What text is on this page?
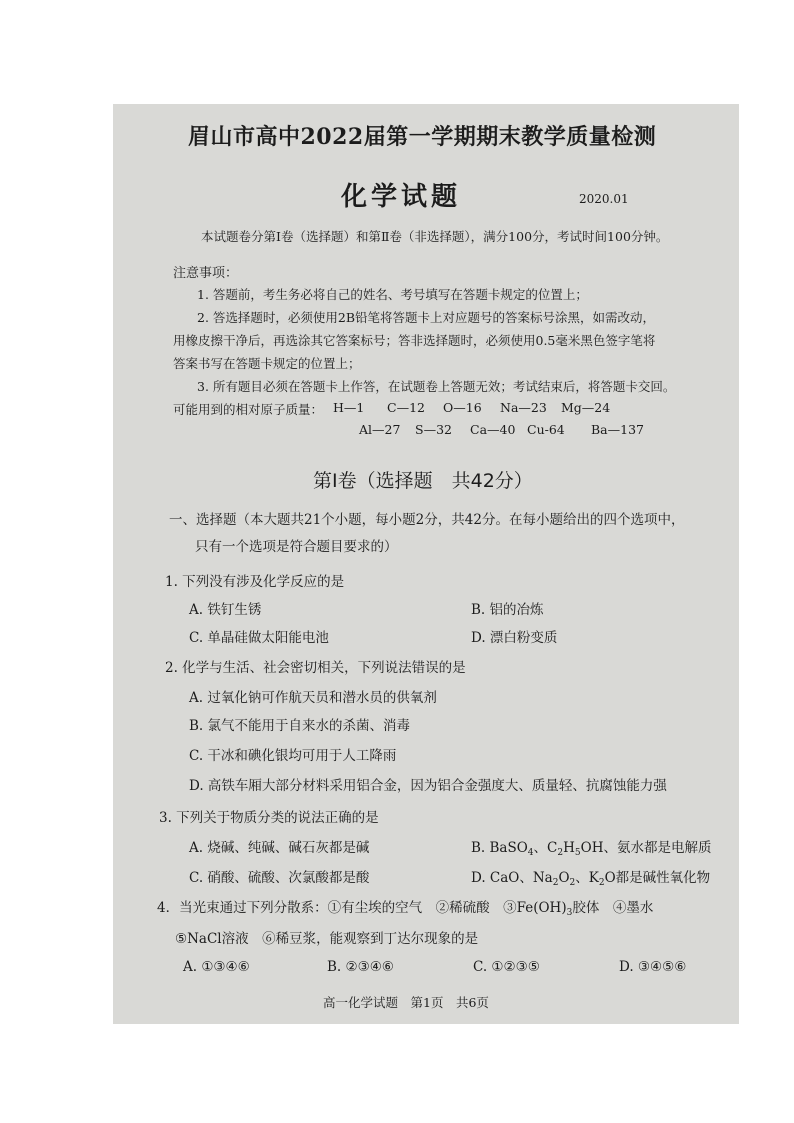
眉山市高中2022届第一学期期末教学质量检测
化学试题	2020.01
本试题卷分第Ⅰ卷（选择题）和第Ⅱ卷（非选择题），满分100分，考试时间100分钟。
注意事项：
1. 答题前，考生务必将自己的姓名、考号填写在答题卡规定的位置上；
2. 答选择题时，必须使用2B铅笔将答题卡上对应题号的答案标号涂黑，如需改动，
用橡皮擦干净后，再选涂其它答案标号；答非选择题时，必须使用0.5毫米黑色签字笔将
答案书写在答题卡规定的位置上；
3. 所有题目必须在答题卡上作答，在试题卷上答题无效；考试结束后，将答题卡交回。
可能用到的相对原子质量： H—1 C—12 O—16 Na—23 Mg—24
Al—27 S—32 Ca—40 Cu-64 Ba—137
第Ⅰ卷（选择题　共42分）
一、选择题（本大题共21个小题，每小题2分，共42分。在每小题给出的四个选项中，
只有一个选项是符合题目要求的）
1. 下列没有涉及化学反应的是
A. 铁钉生锈	B. 铝的冶炼
C. 单晶硅做太阳能电池	D. 漂白粉变质
2. 化学与生活、社会密切相关，下列说法错误的是
A. 过氧化钠可作航天员和潜水员的供氧剂
B. 氯气不能用于自来水的杀菌、消毒
C. 干冰和碘化银均可用于人工降雨
D. 高铁车厢大部分材料采用铝合金，因为铝合金强度大、质量轻、抗腐蚀能力强
3. 下列关于物质分类的说法正确的是
A. 烧碱、纯碱、碱石灰都是碱	B. BaSO$_4$、$C_2H_5OH$、氨水都是电解质
C. 硝酸、硫酸、次氯酸都是酸	D. CaO、$Na_2O_2$、$K_2O$都是碱性氧化物
4．当光束通过下列分散系：①有尘埃的空气　②稀硫酸　$③Fe(OH)_3$胶体　④墨水
⑤NaCl溶液　⑥稀豆浆，能观察到丁达尔现象的是
A. ①③④⑥	B. ②③④⑥	C. ①②③⑤	D. ③④⑤⑥
高一化学试题　第1页　共6页
